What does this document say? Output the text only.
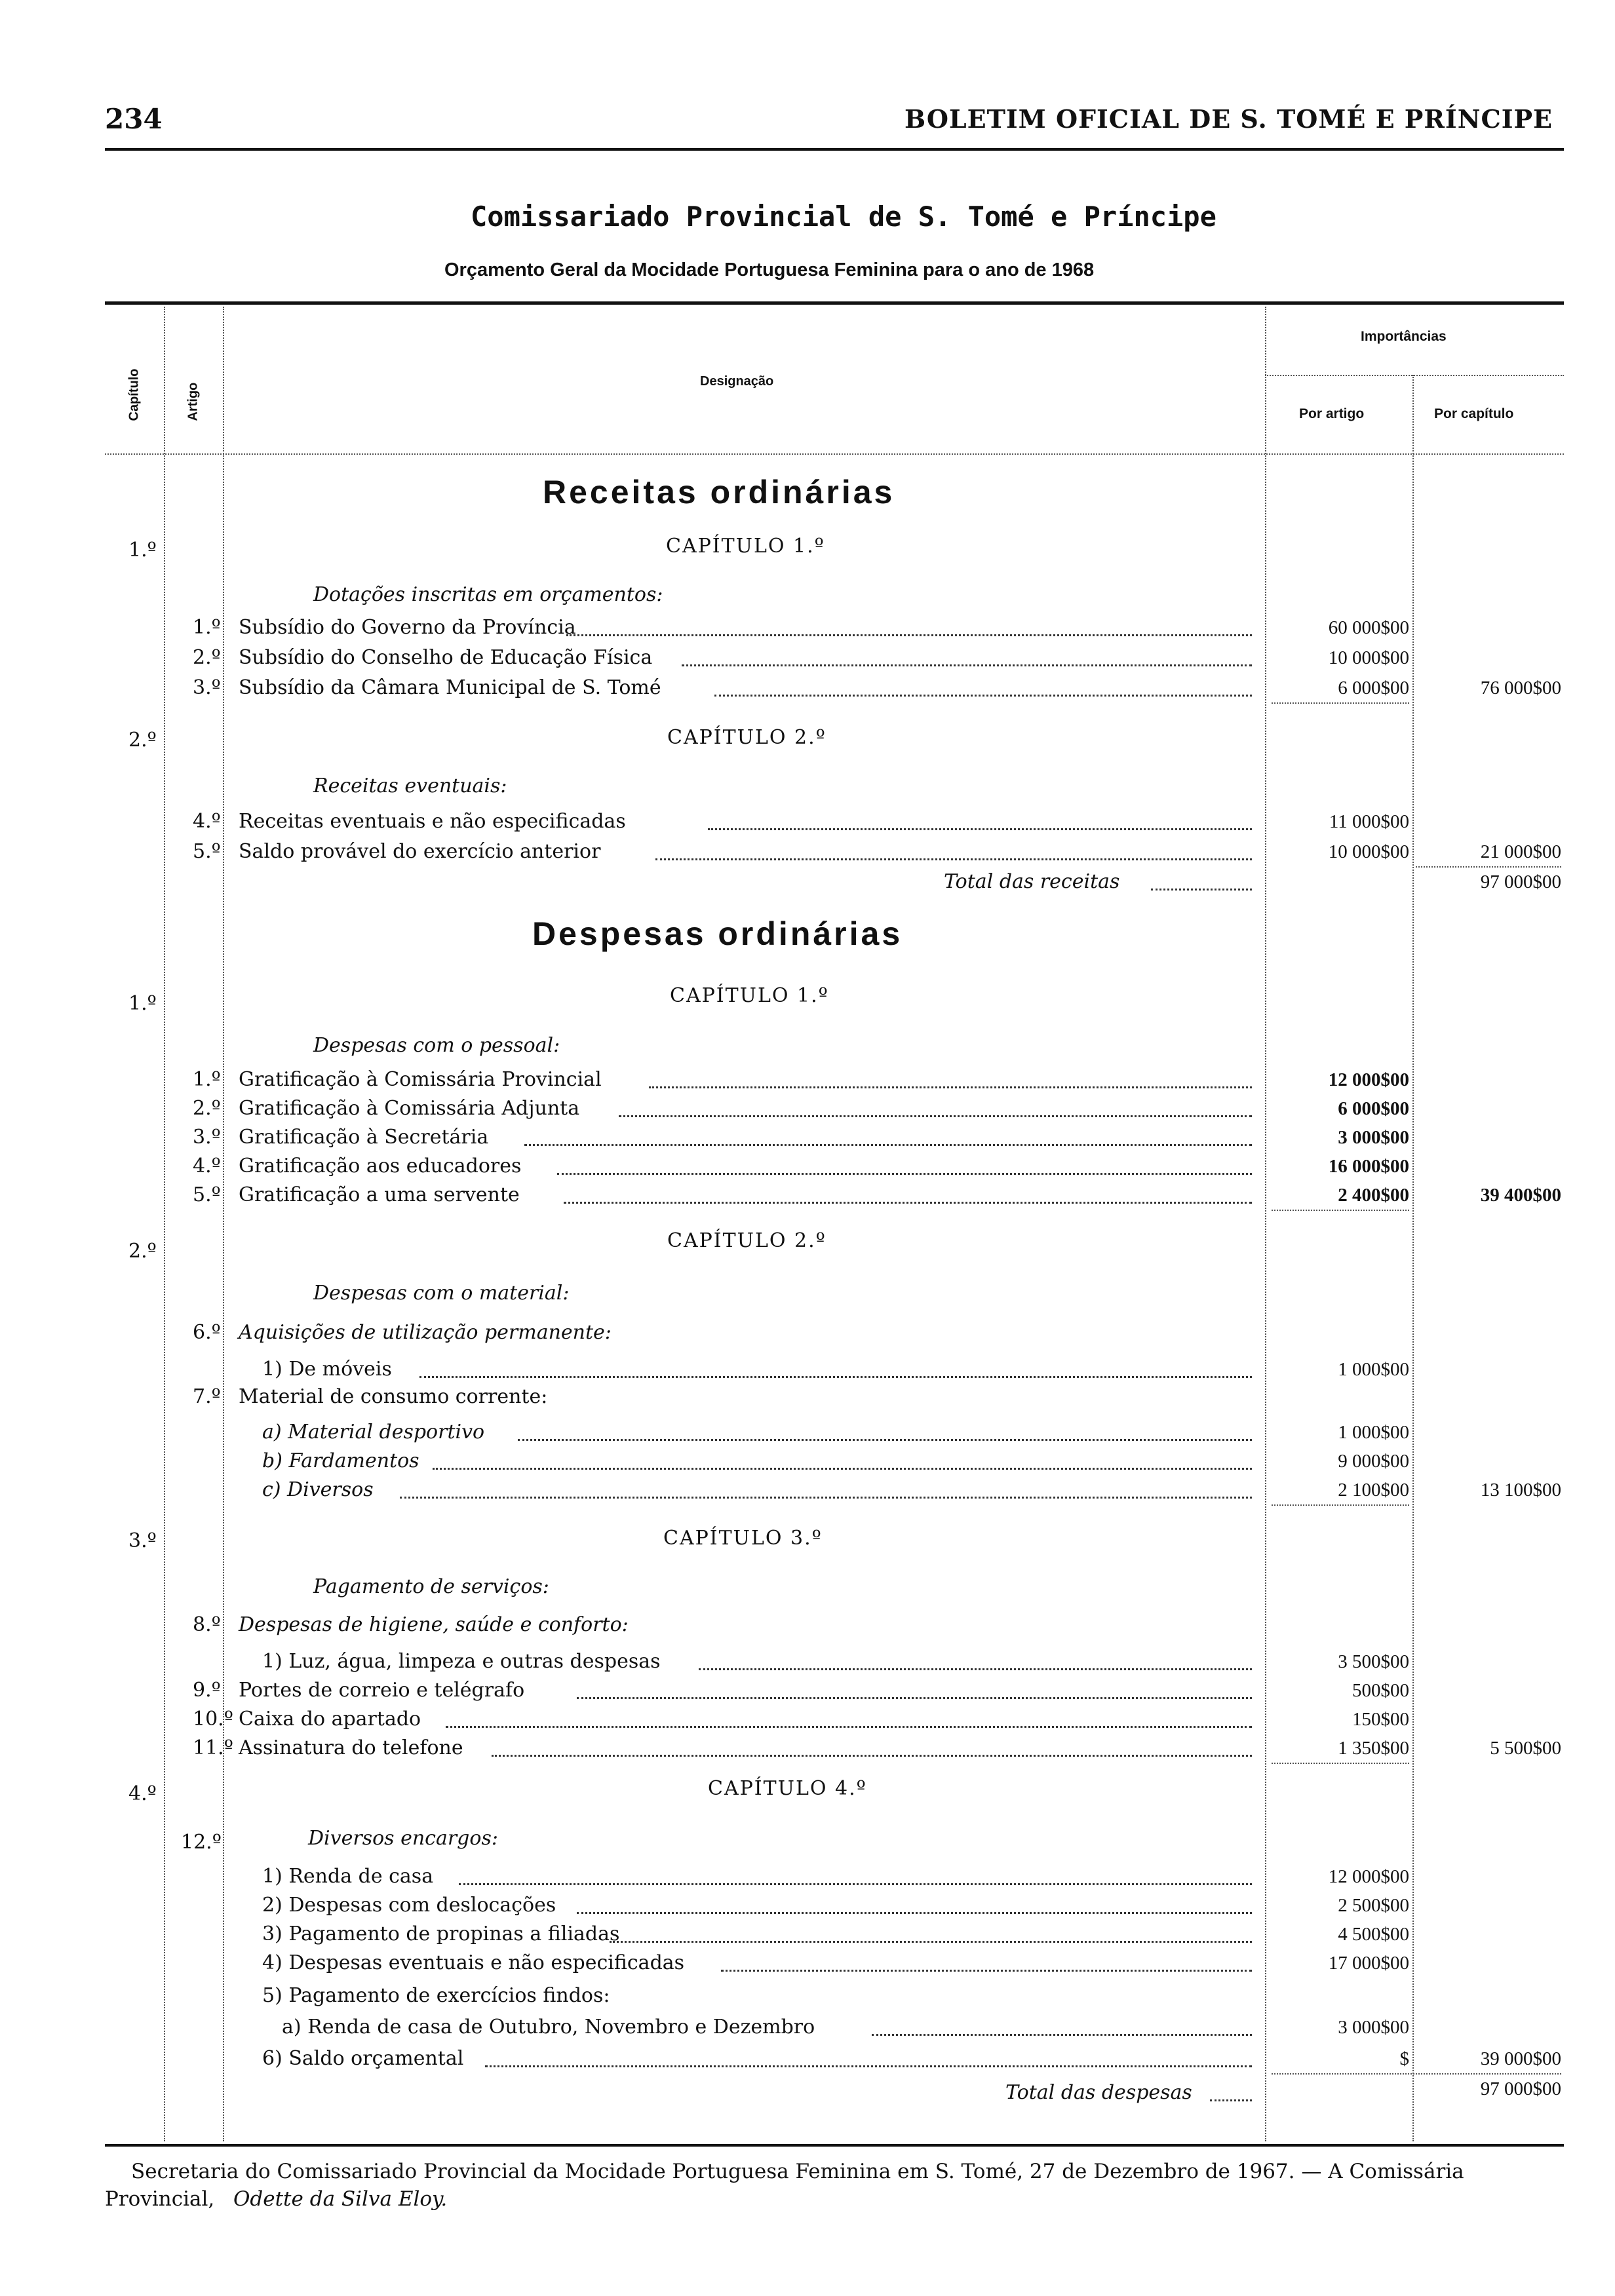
234	BOLETIM OFICIAL DE S. TOMÉ E PRÍNCIPE
Comissariado Provincial de S. Tomé e Príncipe
Orçamento Geral da Mocidade Portuguesa Feminina para o ano de 1968
Capítulo	Artigo
Designação
Importâncias
Por artigo	Por capítulo
Receitas ordinárias
1.º	CAPÍTULO 1.º
Dotações inscritas em orçamentos:
1.º Subsídio do Governo da Província	60 000$00
2.º Subsídio do Conselho de Educação Física	10 000$00
3.º Subsídio da Câmara Municipal de S. Tomé	6 000$00	76 000$00
2.º	CAPÍTULO 2.º
Receitas eventuais:
4.º Receitas eventuais e não especificadas	11 000$00
5.º Saldo provável do exercício anterior	10 000$00	21 000$00
Total das receitas	97 000$00
Despesas ordinárias
1.º	CAPÍTULO 1.º
Despesas com o pessoal:
1.º Gratificação à Comissária Provincial	12 000$00
2.º Gratificação à Comissária Adjunta	6 000$00
3.º Gratificação à Secretária	3 000$00
4.º Gratificação aos educadores	16 000$00
5.º Gratificação a uma servente	2 400$00	39 400$00
2.º	CAPÍTULO 2.º
Despesas com o material:
6.º Aquisições de utilização permanente:
1) De móveis	1 000$00
7.º Material de consumo corrente:
a) Material desportivo	1 000$00
b) Fardamentos	9 000$00
c) Diversos	2 100$00	13 100$00
3.º	CAPÍTULO 3.º
Pagamento de serviços:
8.º Despesas de higiene, saúde e conforto:
1) Luz, água, limpeza e outras despesas	3 500$00
9.º Portes de correio e telégrafo	500$00
10.º Caixa do apartado	150$00
11.º Assinatura do telefone	1 350$00	5 500$00
4.º	CAPÍTULO 4.º
12.º	Diversos encargos:
1) Renda de casa	12 000$00
2) Despesas com deslocações	2 500$00
3) Pagamento de propinas a filiadas	4 500$00
4) Despesas eventuais e não especificadas	17 000$00
5) Pagamento de exercícios findos:
a) Renda de casa de Outubro, Novembro e Dezembro	3 000$00
6) Saldo orçamental	$	39 000$00
Total das despesas	97 000$00
Secretaria do Comissariado Provincial da Mocidade Portuguesa Feminina em S. Tomé, 27 de Dezembro de 1967. — A Comissária
Provincial, Odette da Silva Eloy.
